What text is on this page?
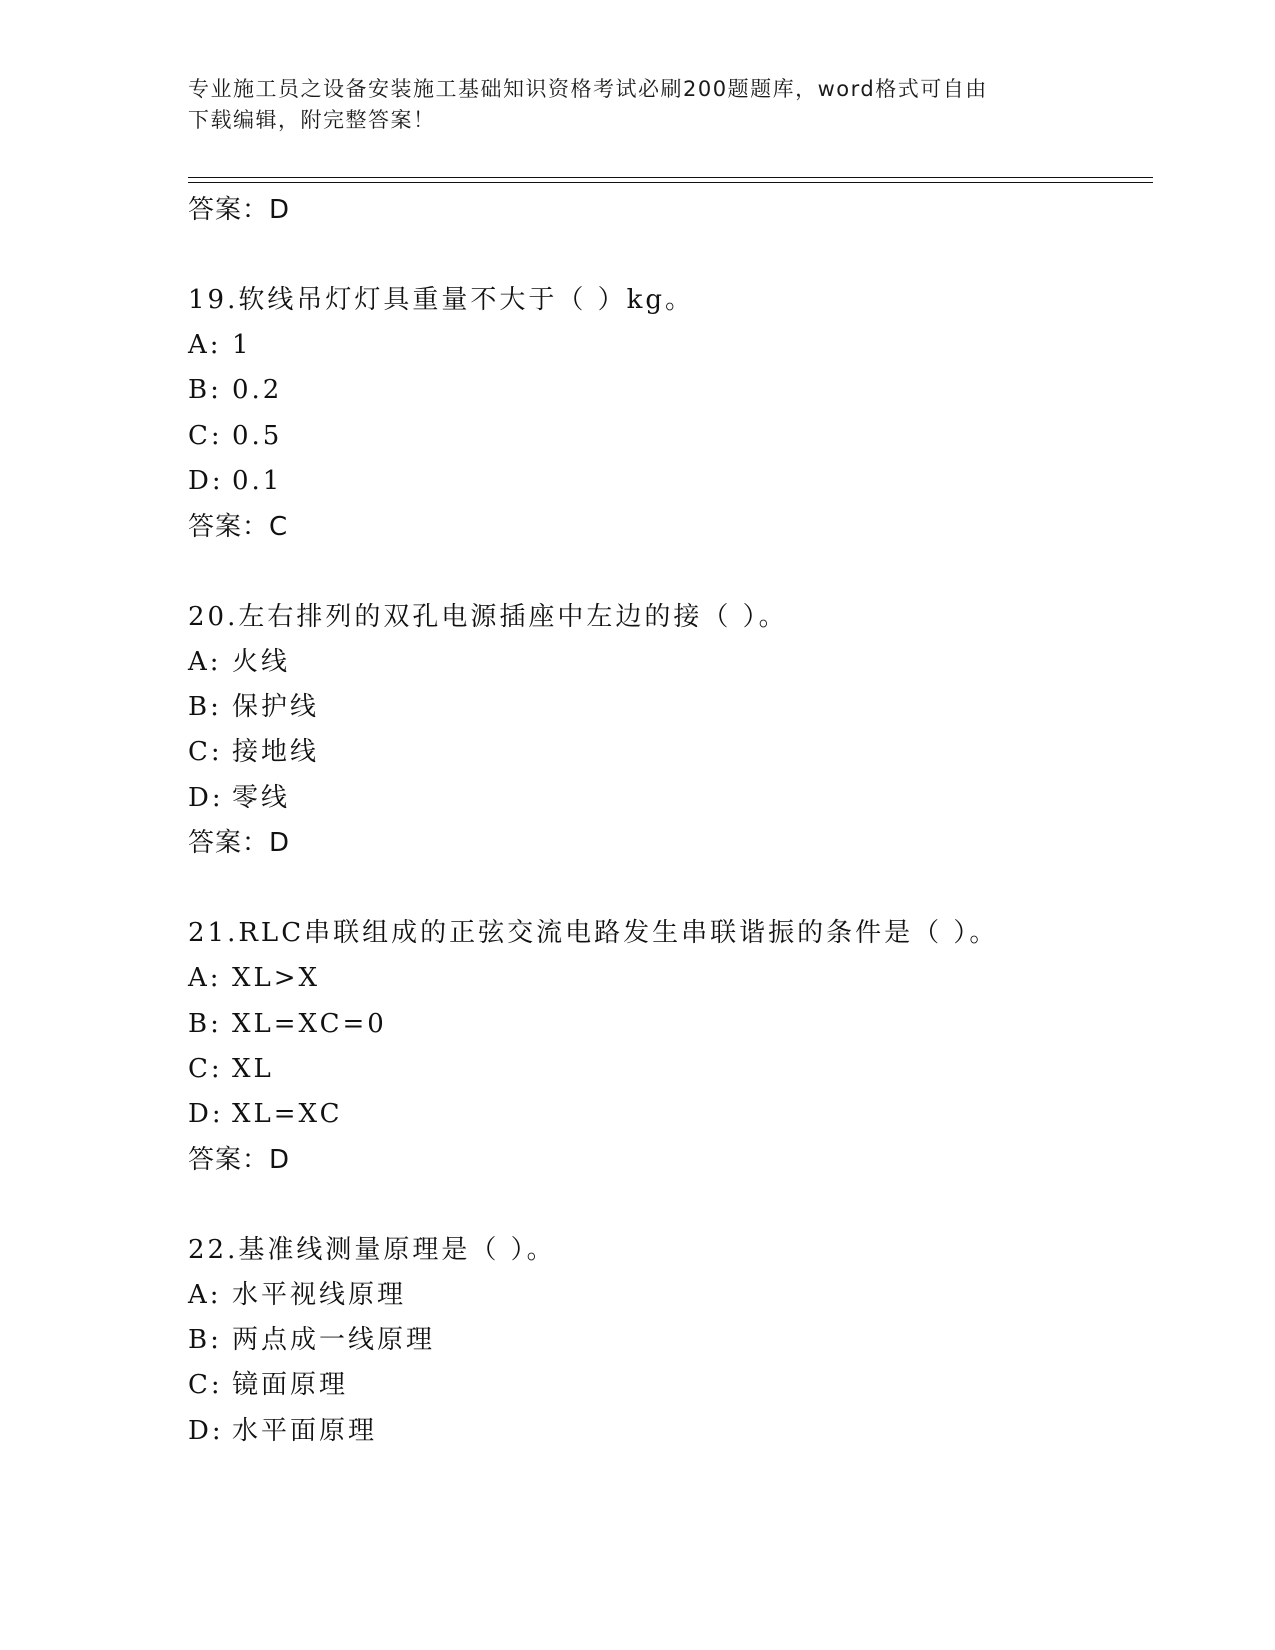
专业施工员之设备安装施工基础知识资格考试必刷200题题库，word格式可自由
下载编辑，附完整答案！
答案：D
19.软线吊灯灯具重量不大于（ ）kg。
A: 1
B: 0.2
C: 0.5
D: 0.1
答案：C
20.左右排列的双孔电源插座中左边的接（ ）。
A: 火线
B: 保护线
C: 接地线
D: 零线
答案：D
21.RLC串联组成的正弦交流电路发生串联谐振的条件是（ ）。
A: XL>X
B: XL=XC=0
C: XL
D: XL=XC
答案：D
22.基准线测量原理是（ ）。
A: 水平视线原理
B: 两点成一线原理
C: 镜面原理
D: 水平面原理
